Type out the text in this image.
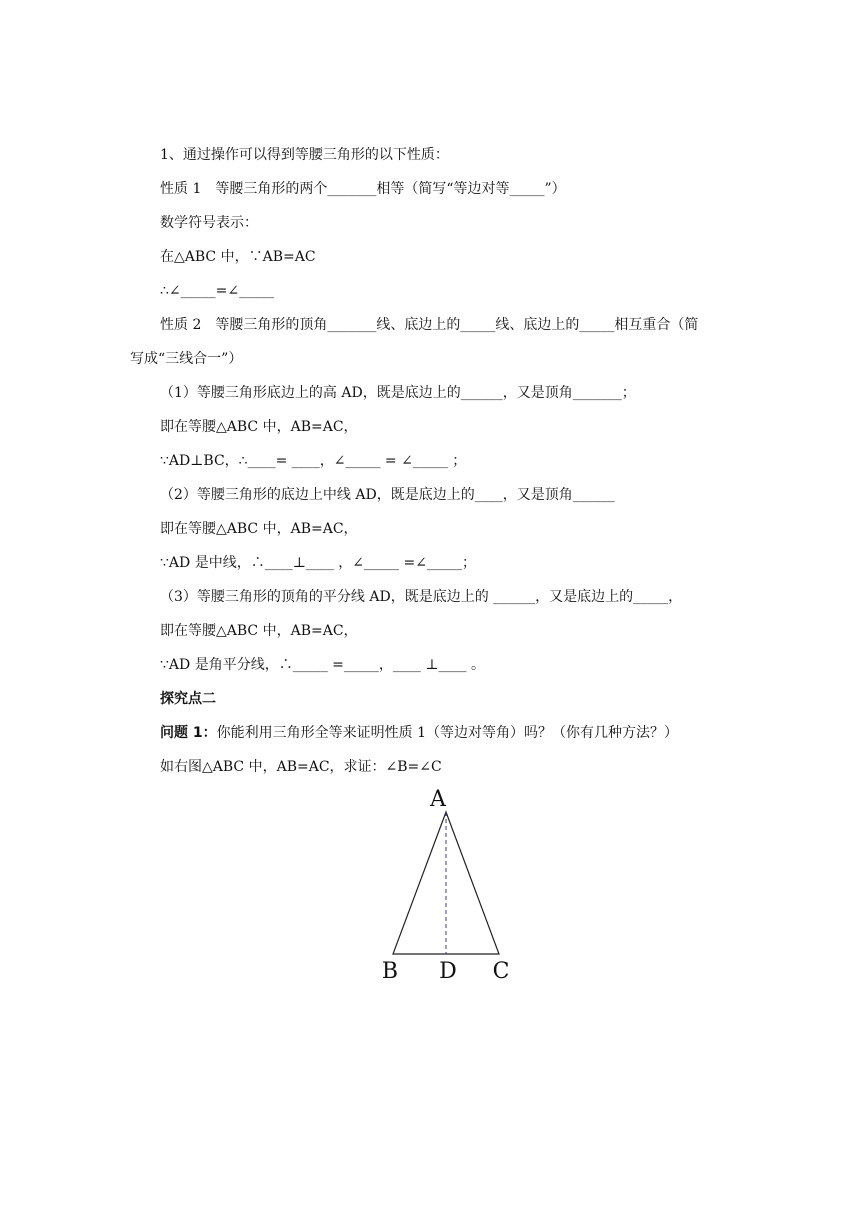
1、通过操作可以得到等腰三角形的以下性质：
性质 1　等腰三角形的两个_______相等（简写“等边对等_____”）
数学符号表示：
在△ABC 中，∵AB=AC
∴∠_____=∠_____
性质 2　等腰三角形的顶角_______线、底边上的_____线、底边上的_____相互重合（简
写成“三线合一”）
（1）等腰三角形底边上的高 AD，既是底边上的______，又是顶角_______；
即在等腰△ABC 中，AB=AC，
∵AD⊥BC，∴____= ____，∠_____ = ∠_____ ；
（2）等腰三角形的底边上中线 AD，既是底边上的____，又是顶角______
即在等腰△ABC 中，AB=AC，
∵AD 是中线，∴____⊥____ ，∠_____ =∠_____；
（3）等腰三角形的顶角的平分线 AD，既是底边上的 ______，又是底边上的_____，
即在等腰△ABC 中，AB=AC，
∵AD 是角平分线，∴_____ =_____，____ ⊥____ 。
探究点二
问题 1：你能利用三角形全等来证明性质 1（等边对等角）吗？（你有几种方法？）
如右图△ABC 中，AB=AC，求证：∠B=∠C
A
B D C
